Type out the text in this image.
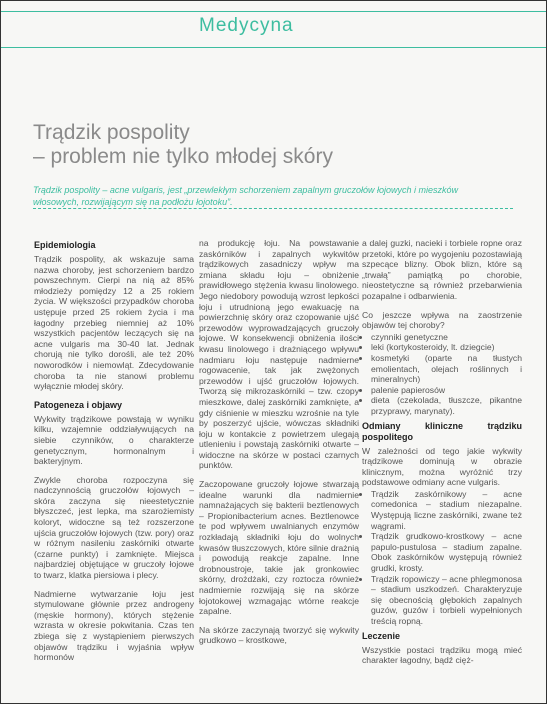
Medycyna
Trądzik pospolity
– problem nie tylko młodej skóry
Trądzik pospolity – acne vulgaris, jest „przewlekłym schorzeniem zapalnym gruczołów łojowych i mieszków włosowych, rozwijającym się na podłożu łojotoku”.
Epidemiologia

Trądzik pospolity, ak wskazuje sama nazwa choroby, jest schorzeniem bardzo powszechnym. Cierpi na nią aż 85% młodzieży pomiędzy 12 a 25 rokiem życia. W większości przypadków choroba ustępuje przed 25 rokiem życia i ma łagodny przebieg niemniej aż 10% wszystkich pacjentów leczących się na acne vulgaris ma 30-40 lat. Jednak chorują nie tylko dorośli, ale też 20% noworodków i niemowląt. Zdecydowanie choroba ta nie stanowi problemu wyłącznie młodej skóry.

Patogeneza i objawy

Wykwity trądzikowe powstają w wyniku kilku, wzajemnie oddziaływujących na siebie czynników, o charakterze genetycznym, hormonalnym i bakteryjnym.

Zwykle choroba rozpoczyna się nadczynnością gruczołów łojowych – skóra zaczyna się nieestetycznie błyszczeć, jest lepka, ma szarożiemisty koloryt, widoczne są też rozszerzone ujścia gruczołów łojowych (tzw. pory) oraz w różnym nasileniu zaskórniki otwarte (czarne punkty) i zamknięte. Miejsca najbardziej objętujące w gruczoły łojowe to twarz, klatka piersiowa i plecy.

Nadmierne wytwarzanie łoju jest stymulowane głównie przez androgeny (męskie hormony), których stężenie wzrasta w okresie pokwitania. Czas ten zbiega się z wystąpieniem pierwszych objawów trądziku i wyjaśnia wpływ hormonów

na produkcję łoju. Na powstawanie zaskórników i zapalnych wykwitów trądzikowych zasadniczy wpływ ma zmiana składu łoju – obniżenie prawidłowego stężenia kwasu linolowego. Jego niedobory powodują wzrost lepkości łoju i utrudnioną jego ewakuację na powierzchnię skóry oraz czopowanie ujść przewodów wyprowadzających gruczoły łojowe. W konsekwencji obniżenia ilości kwasu linolowego i drażniącego wpływu nadmiaru łoju następuje nadmierne rogowacenie, tak jak zwężonych przewodów i ujść gruczołów łojowych. Tworzą się mikrozaskórniki – tzw. czopy mieszkowe, dalej zaskórniki zamknięte, a gdy ciśnienie w mieszku wzrośnie na tyle by poszerzyć ujście, wówczas składniki łoju w kontakcie z powietrzem ulegają utlenieniu i powstają zaskórniki otwarte – widoczne na skórze w postaci czarnych punktów.

Zaczopowane gruczoły łojowe stwarzają idealne warunki dla nadmiernie namnażających się bakterii beztlenowych – Propionibacterium acnes. Beztlenowce te pod wpływem uwalnianych enzymów rozkładają składniki łoju do wolnych kwasów tłuszczowych, które silnie drażnią i powodują reakcje zapalne. Inne drobnoustroje, takie jak gronkowiec skórny, drożdżaki, czy roztocza również nadmiernie rozwijają się na skórze łojotokowej wzmagając wtórne reakcje zapalne.

Na skórze zaczynają tworzyć się wykwity grudkowo – krostkowe,

a dalej guzki, nacieki i torbiele ropne oraz przetoki, które po wygojeniu pozostawiają szpecące blizny. Obok blizn, które są „trwałą” pamiątką po chorobie, nieostetyczne są również przebarwienia pozapalne i odbarwienia.

Co jeszcze wpływa na zaostrzenie objawów tej choroby?

• czynniki genetyczne
• leki (kortykosteroidy, lt. dziegcie)
• kosmetyki (oparte na tłustych emolientach, olejach roślinnych i mineralnych)
• palenie papierosów
• dieta (czekolada, tłuszcze, pikantne przyprawy, marynaty).
Odmiany kliniczne trądziku pospolitego

W zależności od tego jakie wykwity trądzikowe dominują w obrazie klinicznym, można wyróżnić trzy podstawowe odmiany acne vulgaris.

• Trądzik zaskórnikowy – acne comedonica – stadium niezapalne. Występują liczne zaskórniki, zwane też wągrami.
• Trądzik grudkowo-krostkowy – acne papulo-pustulosa – stadium zapalne. Obok zaskórników występują również grudki, krosty.
• Trądzik ropowiczy – acne phlegmonosa – stadium uszkodzeń. Charakteryzuje się obecnością głębokich zapalnych guzów, guzów i torbieli wypełnionych treścią ropną.
Leczenie

Wszystkie postaci trądziku mogą mieć charakter łagodny, bądź cięż-
